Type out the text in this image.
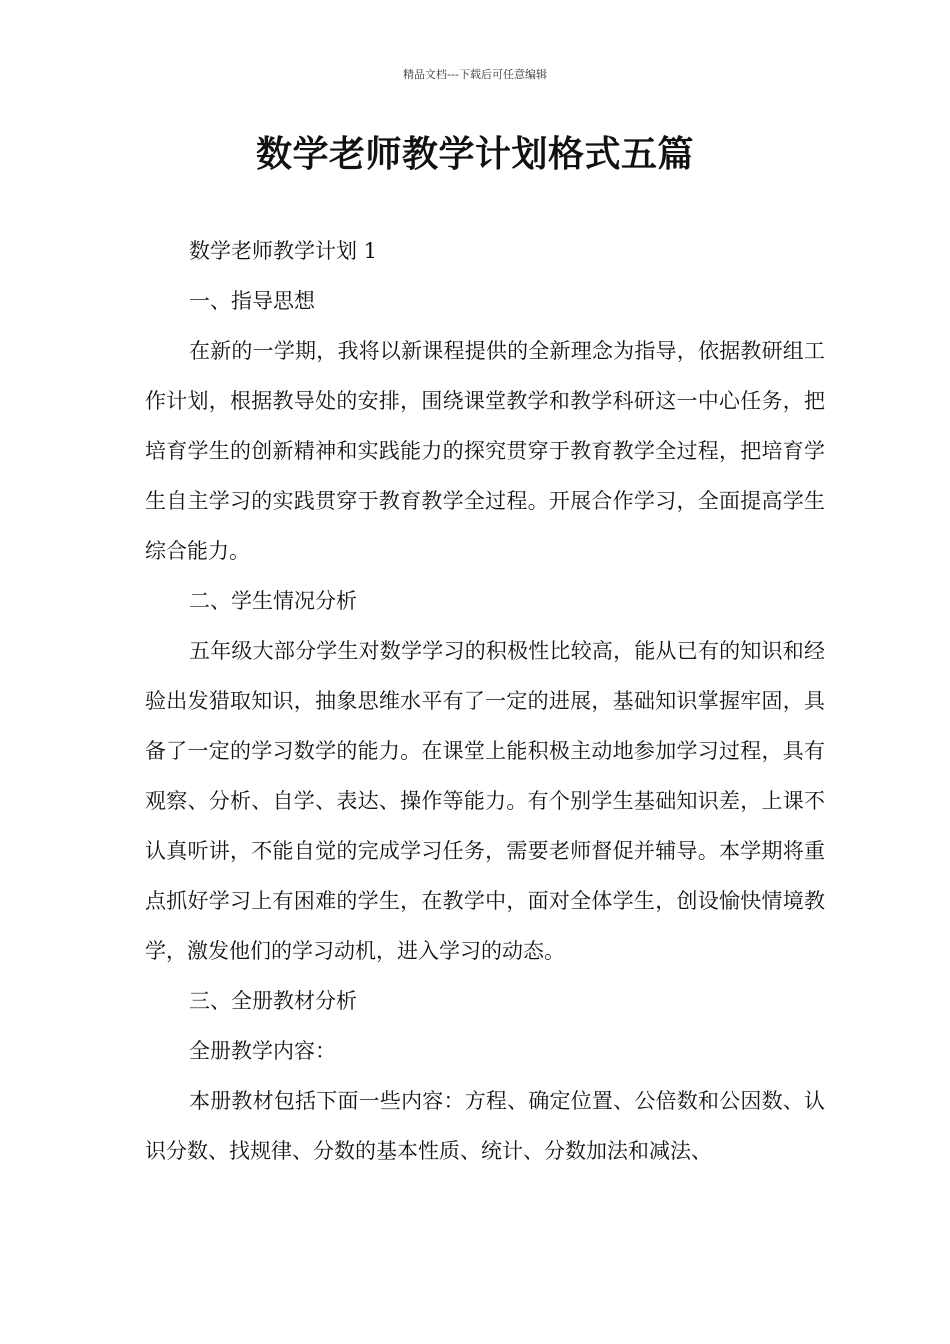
精品文档---下载后可任意编辑
数学老师教学计划格式五篇

数学老师教学计划 1

一、指导思想

在新的一学期，我将以新课程提供的全新理念为指导，依据教研组工作计划，根据教导处的安排，围绕课堂教学和教学科研这一中心任务，把培育学生的创新精神和实践能力的探究贯穿于教育教学全过程，把培育学生自主学习的实践贯穿于教育教学全过程。开展合作学习，全面提高学生综合能力。

二、学生情况分析

五年级大部分学生对数学学习的积极性比较高，能从已有的知识和经验出发猎取知识，抽象思维水平有了一定的进展，基础知识掌握牢固，具备了一定的学习数学的能力。在课堂上能积极主动地参加学习过程，具有观察、分析、自学、表达、操作等能力。有个别学生基础知识差，上课不认真听讲，不能自觉的完成学习任务，需要老师督促并辅导。本学期将重点抓好学习上有困难的学生，在教学中，面对全体学生，创设愉快情境教学，激发他们的学习动机，进入学习的动态。

三、全册教材分析

全册教学内容：

本册教材包括下面一些内容：方程、确定位置、公倍数和公因数、认识分数、找规律、分数的基本性质、统计、分数加法和减法、
